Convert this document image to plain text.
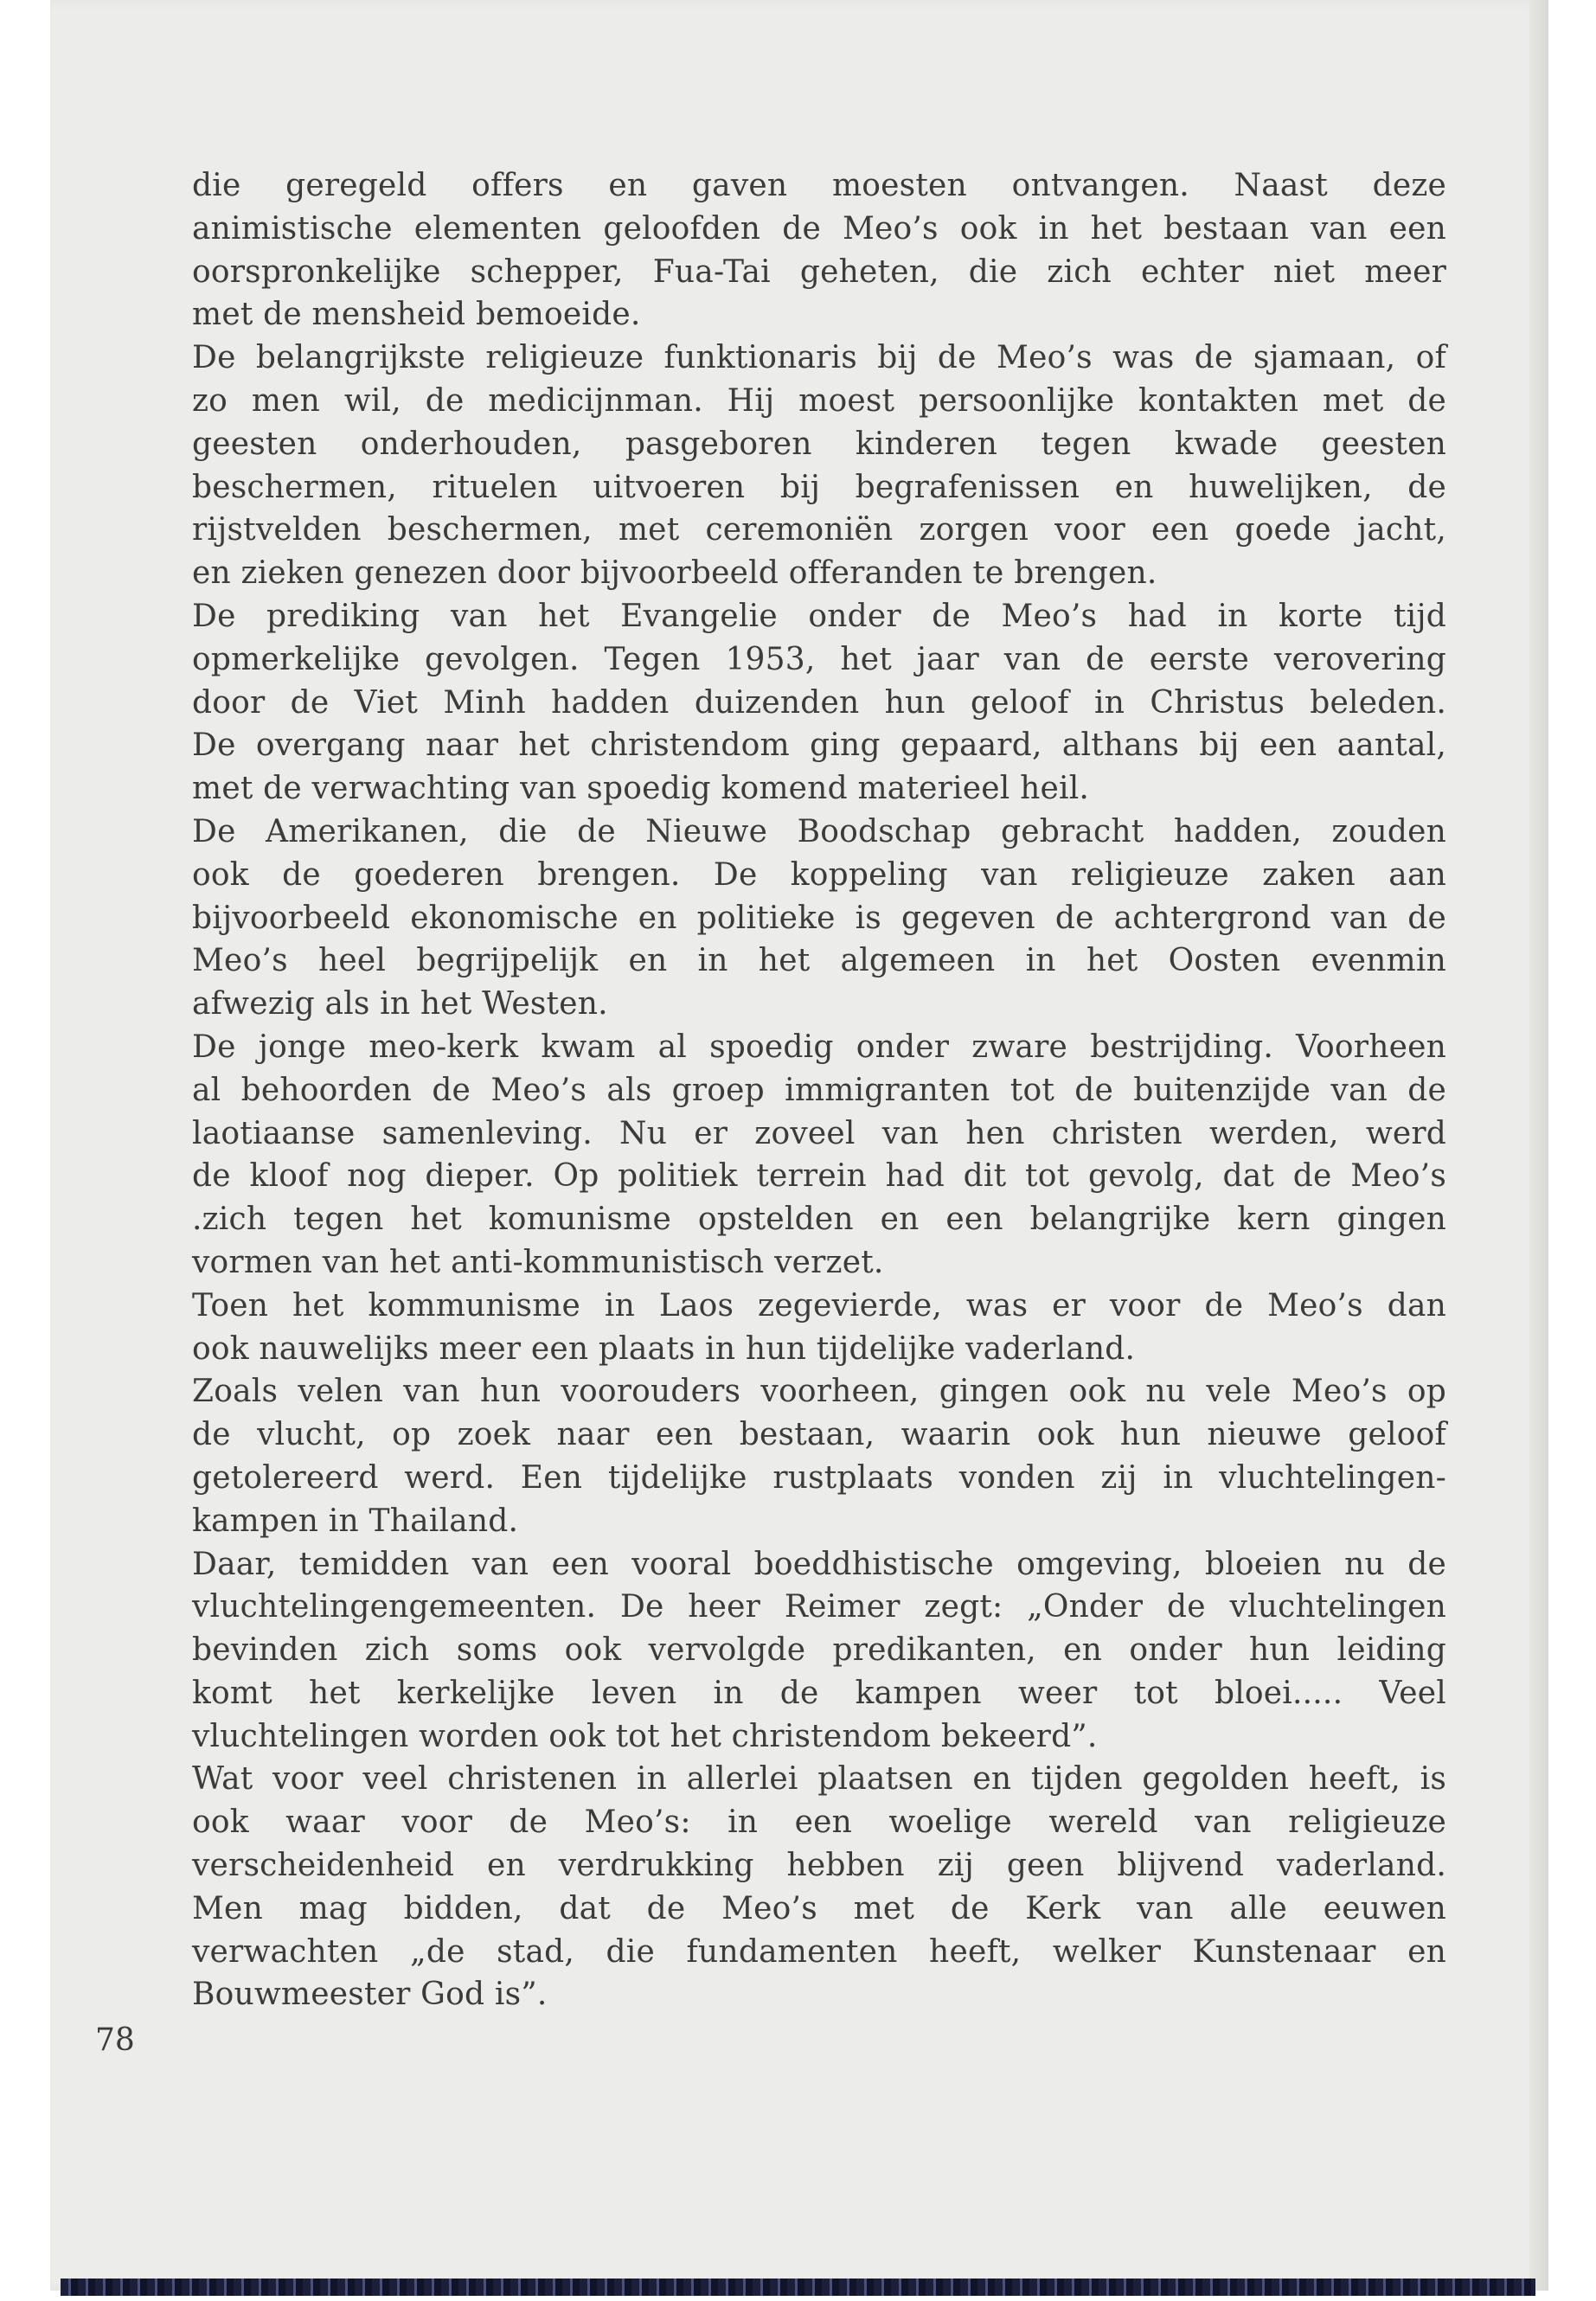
die geregeld offers en gaven moesten ontvangen. Naast deze

animistische elementen geloofden de Meo’s ook in het bestaan van een

oorspronkelijke schepper, Fua-Tai geheten, die zich echter niet meer

met de mensheid bemoeide.

De belangrijkste religieuze funktionaris bij de Meo’s was de sjamaan, of

zo men wil, de medicijnman. Hij moest persoonlijke kontakten met de

geesten onderhouden, pasgeboren kinderen tegen kwade geesten

beschermen, rituelen uitvoeren bij begrafenissen en huwelijken, de

rijstvelden beschermen, met ceremoniën zorgen voor een goede jacht,

en zieken genezen door bijvoorbeeld offeranden te brengen.

De prediking van het Evangelie onder de Meo’s had in korte tijd

opmerkelijke gevolgen. Tegen 1953, het jaar van de eerste verovering

door de Viet Minh hadden duizenden hun geloof in Christus beleden.

De overgang naar het christendom ging gepaard, althans bij een aantal,

met de verwachting van spoedig komend materieel heil.

De Amerikanen, die de Nieuwe Boodschap gebracht hadden, zouden

ook de goederen brengen. De koppeling van religieuze zaken aan

bijvoorbeeld ekonomische en politieke is gegeven de achtergrond van de

Meo’s heel begrijpelijk en in het algemeen in het Oosten evenmin

afwezig als in het Westen.

De jonge meo-kerk kwam al spoedig onder zware bestrijding. Voorheen

al behoorden de Meo’s als groep immigranten tot de buitenzijde van de

laotiaanse samenleving. Nu er zoveel van hen christen werden, werd

de kloof nog dieper. Op politiek terrein had dit tot gevolg, dat de Meo’s

.zich tegen het komunisme opstelden en een belangrijke kern gingen

vormen van het anti-kommunistisch verzet.

Toen het kommunisme in Laos zegevierde, was er voor de Meo’s dan

ook nauwelijks meer een plaats in hun tijdelijke vaderland.

Zoals velen van hun voorouders voorheen, gingen ook nu vele Meo’s op

de vlucht, op zoek naar een bestaan, waarin ook hun nieuwe geloof

getolereerd werd. Een tijdelijke rustplaats vonden zij in vluchtelingen-

kampen in Thailand.

Daar, temidden van een vooral boeddhistische omgeving, bloeien nu de

vluchtelingengemeenten. De heer Reimer zegt: „Onder de vluchtelingen

bevinden zich soms ook vervolgde predikanten, en onder hun leiding

komt het kerkelijke leven in de kampen weer tot bloei..... Veel

vluchtelingen worden ook tot het christendom bekeerd”.

Wat voor veel christenen in allerlei plaatsen en tijden gegolden heeft, is

ook waar voor de Meo’s: in een woelige wereld van religieuze

verscheidenheid en verdrukking hebben zij geen blijvend vaderland.

Men mag bidden, dat de Meo’s met de Kerk van alle eeuwen

verwachten „de stad, die fundamenten heeft, welker Kunstenaar en

Bouwmeester God is”.

78
